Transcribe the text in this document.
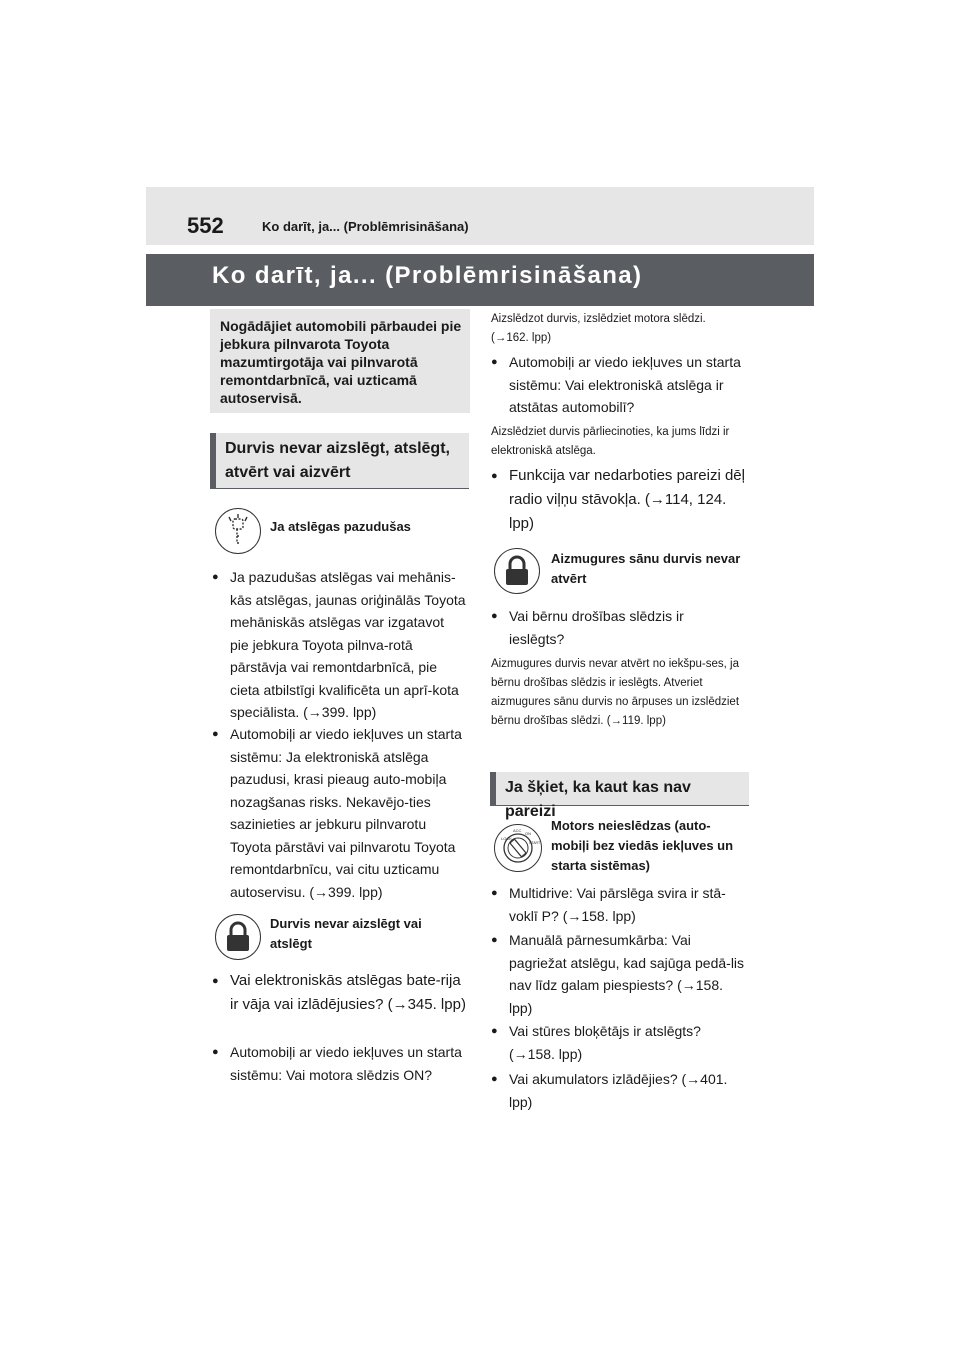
552	Ko darīt, ja... (Problēmrisināšana)
Ko darīt, ja... (Problēmrisināšana)
Nogādājiet automobili pārbaudei pie jebkura pilnvarota Toyota mazumtirgotāja vai pilnvarotā remontdarbnīcā, vai uzticamā autoservisā.
Durvis nevar aizslēgt, atslēgt, atvērt vai aizvērt
Ja atslēgas pazudušas
● Ja pazudušas atslēgas vai mehānis-kās atslēgas, jaunas oriģinālās Toyota mehāniskās atslēgas var izgatavot pie jebkura Toyota pilnva-rotā pārstāvja vai remontdarbnīcā, pie cieta atbilstīgi kvalificēta un aprī-kota speciālista. (→399. lpp)
● Automobiļi ar viedo iekļuves un starta sistēmu: Ja elektroniskā atslēga pazudusi, krasi pieaug auto-mobiļa nozagšanas risks. Nekavējo-ties sazinieties ar jebkuru pilnvarotu Toyota pārstāvi vai pilnvarotu Toyota remontdarbnīcu, vai citu uzticamu autoservisu. (→399. lpp)
Durvis nevar aizslēgt vai atslēgt
● Vai elektroniskās atslēgas bate-rija ir vāja vai izlādējusies? (→345. lpp)
● Automobiļi ar viedo iekļuves un starta sistēmu: Vai motora slēdzis ON?
Aizslēdzot durvis, izslēdziet motora slēdzi. (→162. lpp)
● Automobiļi ar viedo iekļuves un starta sistēmu: Vai elektroniskā atslēga ir atstātas automobilī?
Aizslēdziet durvis pārliecinoties, ka jums līdzi ir elektroniskā atslēga.
● Funkcija var nedarboties pareizi dēļ radio viļņu stāvokļa. (→114, 124. lpp)
Aizmugures sānu durvis nevar atvērt
● Vai bērnu drošības slēdzis ir ieslēgts?
Aizmugures durvis nevar atvērt no iekšpu-ses, ja bērnu drošības slēdzis ir ieslēgts. Atveriet aizmugures sānu durvis no ārpuses un izslēdziet bērnu drošības slēdzi. (→119. lpp)
Ja šķiet, ka kaut kas nav pareizi
LOCK
ACC
ON
START
Motors neieslēdzas (auto-mobiļi bez viedās iekļuves un starta sistēmas)
● Multidrive: Vai pārslēga svira ir stā-voklī P? (→158. lpp)
● Manuālā pārnesumkārba: Vai pagriežat atslēgu, kad sajūga pedā-lis nav līdz galam piespiests? (→158. lpp)
● Vai stūres bloķētājs ir atslēgts? (→158. lpp)
● Vai akumulators izlādējies? (→401. lpp)
